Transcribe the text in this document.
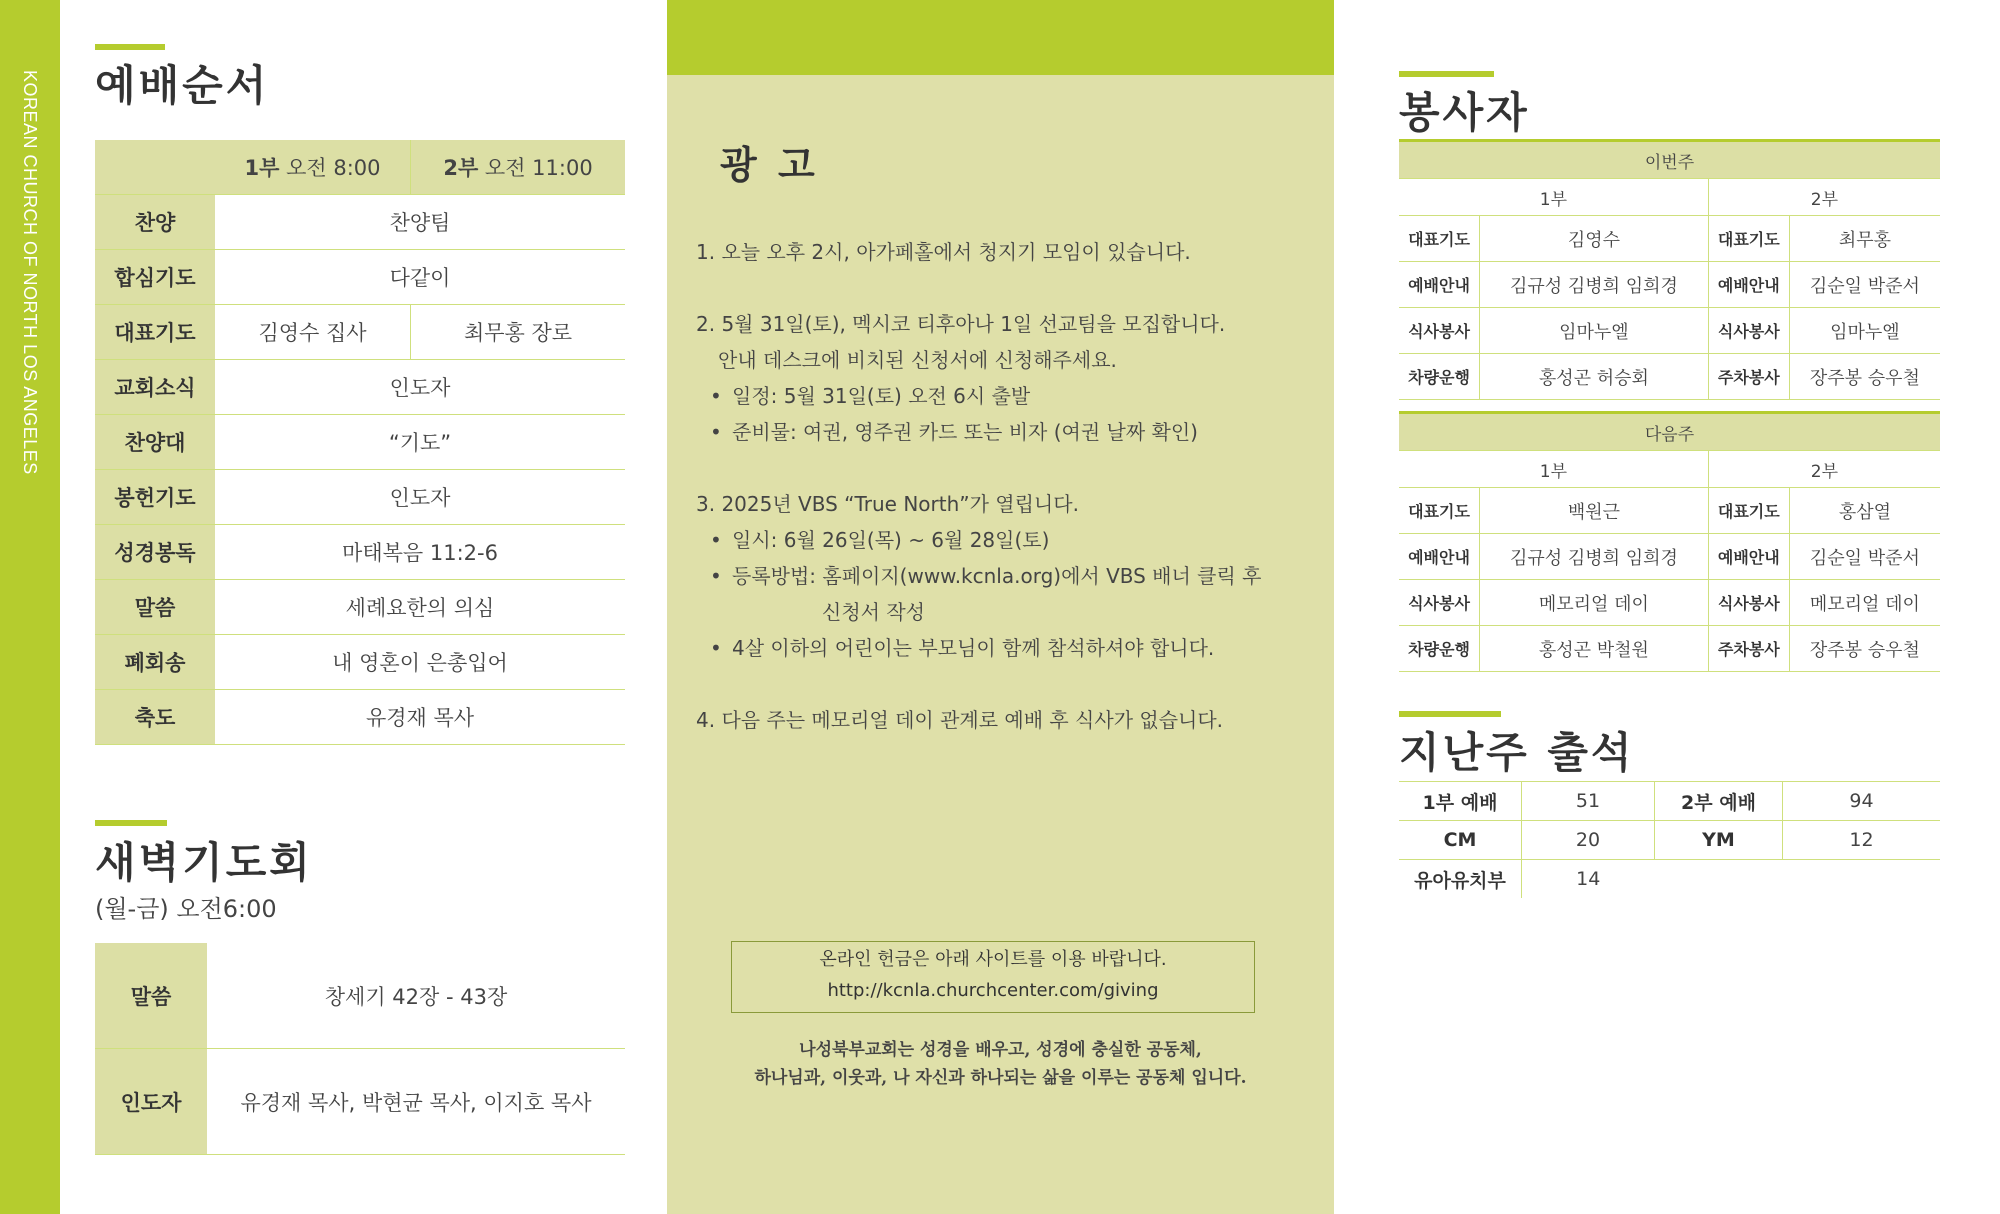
KOREAN CHURCH OF NORTH LOS ANGELES 예배순서
	1부 오전 8:00	2부 오전 11:00
찬양	찬양팀	
합심기도	다같이	
대표기도	김영수 집사	최무홍 장로
교회소식	인도자	
찬양대	“기도”	
봉헌기도	인도자	
성경봉독	마태복음 11:2-6	
말씀	세례요한의 의심	
폐회송	내 영혼이 은총입어	
축도	유경재 목사	
새벽기도회
(월-금) 오전6:00
말씀	창세기 42장 - 43장
인도자	유경재 목사, 박현균 목사, 이지호 목사
광 고

1. 오늘 오후 2시, 아가페홀에서 청지기 모임이 있습니다.

2. 5월 31일(토), 멕시코 티후아나 1일 선교팀을 모집합니다.

안내 데스크에 비치된 신청서에 신청해주세요.

• 일정: 5월 31일(토) 오전 6시 출발

• 준비물: 여권, 영주권 카드 또는 비자 (여권 날짜 확인)

3. 2025년 VBS “True North”가 열립니다.

• 일시: 6월 26일(목) ~ 6월 28일(토)

• 등록방법: 홈페이지(www.kcnla.org)에서 VBS 배너 클릭 후

신청서 작성

• 4살 이하의 어린이는 부모님이 함께 참석하셔야 합니다.

4. 다음 주는 메모리얼 데이 관계로 예배 후 식사가 없습니다.

온라인 헌금은 아래 사이트를 이용 바랍니다.
http://kcnla.churchcenter.com/giving
나성북부교회는 성경을 배우고, 성경에 충실한 공동체,
하나님과, 이웃과, 나 자신과 하나되는 삶을 이루는 공동체 입니다.
봉사자
이번주			
1부		2부	
대표기도	김영수	대표기도	최무홍
예배안내	김규성 김병희 임희경	예배안내	김순일 박준서
식사봉사	임마누엘	식사봉사	임마누엘
차량운행	홍성곤 허승회	주차봉사	장주봉 승우철
다음주			
1부		2부	
대표기도	백원근	대표기도	홍삼열
예배안내	김규성 김병희 임희경	예배안내	김순일 박준서
식사봉사	메모리얼 데이	식사봉사	메모리얼 데이
차량운행	홍성곤 박철원	주차봉사	장주봉 승우철
지난주 출석
1부 예배	51	2부 예배	94
CM	20	YM	12
유아유치부	14		
